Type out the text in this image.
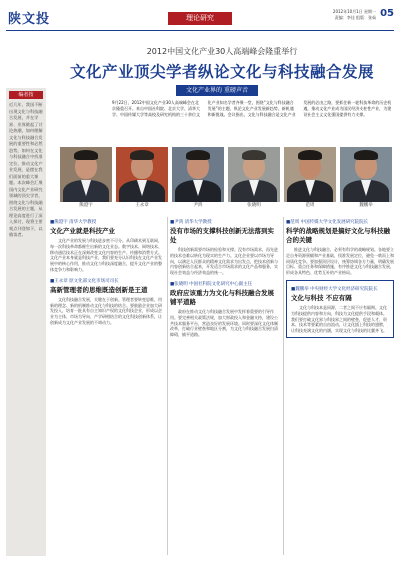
陕文投	理论研究
2012年10月1日 星期一
责编：李佳 组版：张茹 05
2012中国文化产业30人高端峰会隆重举行
文化产业顶尖学者纵论文化与科技融合发展
文化产业界的 重磅声音
编者按
近几年，我国不断出现文化与科技融合发展，并在学界、业界掀起了讨论热潮，如何理解文化与科技融合发展的重要性和必然趋势，如何在文化与科技融合中找准定位，推动文化产业发展，是摆在我们面前的重大课题。本次峰会汇聚国内文化产业研究领域的顶尖学者，围绕文化与科技融合发展的主题，从理论高度进行了深入探讨，现将主要观点刊登如下，以飨读者。
9月22日，2012中国文化产业30人高端峰会在北京隆重召开。来自中国社科院、北京大学、清华大学、中国传媒大学等高校及研究机构的三十余位文化产业知名学者齐聚一堂，围绕“文化与科技融合发展”的主题，纵论文化产业发展新趋势、新机遇和新挑战。会议指出，文化与科技融合是文化产业发展的必由之路，要抓住新一轮科技革命的历史机遇，推动文化产业成为国民经济支柱性产业，为建设社会主义文化强国提供有力支撑。
熊澄宇	王永章	尹鸿	张晓明	范周	魏鹏举
■熊澄宇 清华大学教授
文化产业就是科技产业
文化产业的发展与科技进步密不可分。从印刷术到互联网，每一次科技革命都催生出新的文化业态。数字技术、网络技术、移动通信技术正在深刻改变文化内容的生产、传播和消费方式。文化产业本身就是科技产业，我们要充分认识科技在文化产业发展中的核心作用，推动文化与科技深度融合，提升文化产业的整体竞争力和影响力。
■王永章 原文化部文化市场司司长
高新管理者的思维既造创新是王道
文化科技融合发展，关键在于创新。管理者要转变思维，用新的理念、新的机制推动文化与科技的结合。要鼓励企业加大研发投入，培育一批具有自主知识产权的文化科技企业，形成以企业为主体、市场为导向、产学研相结合的文化科技创新体系，让创新成为文化产业发展的不竭动力。
■尹鸿 清华大学教授
没有市场的支撑科技创新无法落到实处
科技创新需要市场的检验和支撑。没有市场需求，再先进的技术也难以转化为现实的生产力。文化企业要以市场为导向，以满足人民群众的精神文化需求为出发点，把技术创新与内容创新结合起来，开发适合市场需求的文化产品和服务，实现社会效益与经济效益的统一。
■张晓明 中国社科院文化研究中心副主任
政府应该重力为文化与科技融合发展铺平道路
政府在推动文化与科技融合发展中发挥着重要的引导作用。要完善相关政策法规，加大财政投入和金融支持，建设公共技术服务平台，营造良好的发展环境。同时要深化文化体制改革，打破行业壁垒和地区分割，为文化与科技融合发展扫清障碍，铺平道路。
■范周 中国传媒大学文化发展研究院院长
科学的战略规划是搞好文化与科技融合的关键
推进文化与科技融合，必须有科学的战略规划。各地要立足自身资源禀赋和产业基础，找准发展定位，避免一哄而上和同质化竞争。要加强顶层设计，统筹协调各方力量，明确发展目标、重点任务和保障措施，有序推进文化与科技融合发展，形成各具特色、优势互补的产业格局。
■魏鹏举 中央财经大学文化经济研究院院长
文化与科技 不应有隔
文化与科技本是同源，二者之间不应有隔阂。文化为科技提供内容和方向，科技为文化提供手段和载体。我们要打破文化界与科技界之间的壁垒，促进人才、资本、技术等要素的自由流动，让文化插上科技的翅膀，让科技充满文化的内涵，实现文化与科技的比翼齐飞。
